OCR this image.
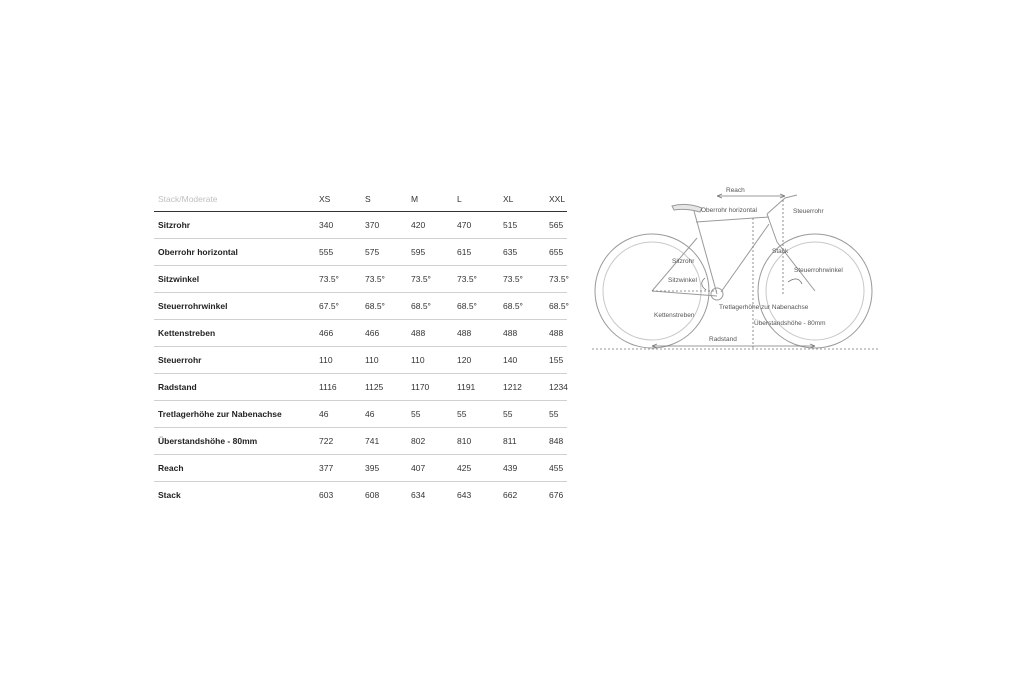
Stack/Moderate	XS	S	M	L	XL	XXL
Sitzrohr	340	370	420	470	515	565
Oberrohr horizontal	555	575	595	615	635	655
Sitzwinkel	73.5°	73.5°	73.5°	73.5°	73.5°	73.5°
Steuerrohrwinkel	67.5°	68.5°	68.5°	68.5°	68.5°	68.5°
Kettenstreben	466	466	488	488	488	488
Steuerrohr	110	110	110	120	140	155
Radstand	1116	1125	1170	1191	1212	1234
Tretlagerhöhe zur Nabenachse	46	46	55	55	55	55
Überstandshöhe - 80mm	722	741	802	810	811	848
Reach	377	395	407	425	439	455
Stack	603	608	634	643	662	676
Reach
Oberrohr horizontal	Steuerrohr
Sitzrohr
Stack
Sitzwinkel
Steuerrohrwinkel
Tretlagerhöhe zur Nabenachse
Kettenstreben
Überstandshöhe - 80mm
Radstand
